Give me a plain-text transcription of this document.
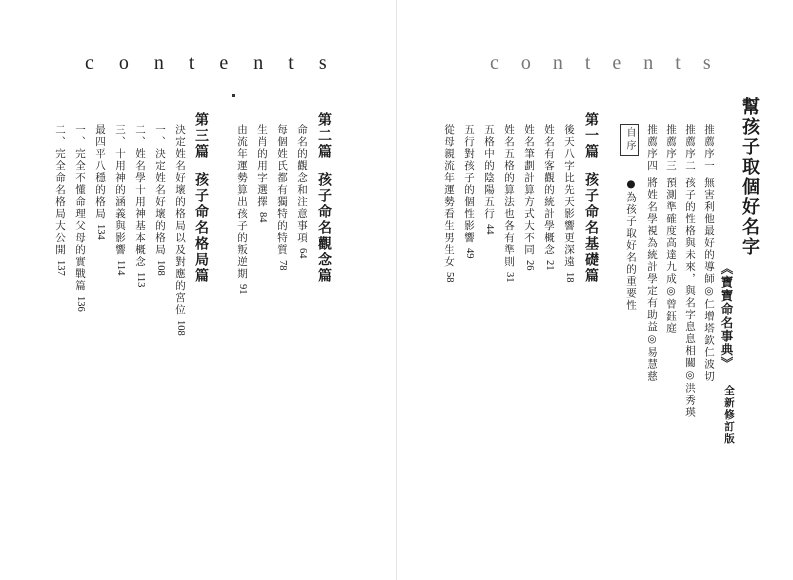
contents	contents
幫孩子取個好名字
《寶寶命名事典》
全新修訂版
推薦序一無害利他最好的導師◎仁增塔欽仁波切
推薦序二孩子的性格與未來，與名字息息相關◎洪秀瑛
推薦序三預測準確度高達九成◎曾鈺庭
推薦序四將姓名學視為統計學定有助益◎易慧慈
自序
●為孩子取好名的重要性
第一篇孩子命名基礎篇
後天八字比先天影響更深遠18
姓名有客觀的統計學概念21
姓名筆劃計算方式大不同26
姓名五格的算法也各有準則31
五格中的陰陽五行44
五行對孩子的個性影響49
從母親流年運勢看生男生女58
第二篇孩子命名觀念篇
命名的觀念和注意事項64
每個姓氏都有獨特的特質78
生肖的用字選擇84
由流年運勢算出孩子的叛逆期91
第三篇孩子命名格局篇
決定姓名好壞的格局以及對應的宮位108
一、決定姓名好壞的格局108
二、姓名學十用神基本概念113
三、十用神的涵義與影響114
最四平八穩的格局134
一、完全不懂命理父母的實戰篇136
二、完全命名格局大公開137
